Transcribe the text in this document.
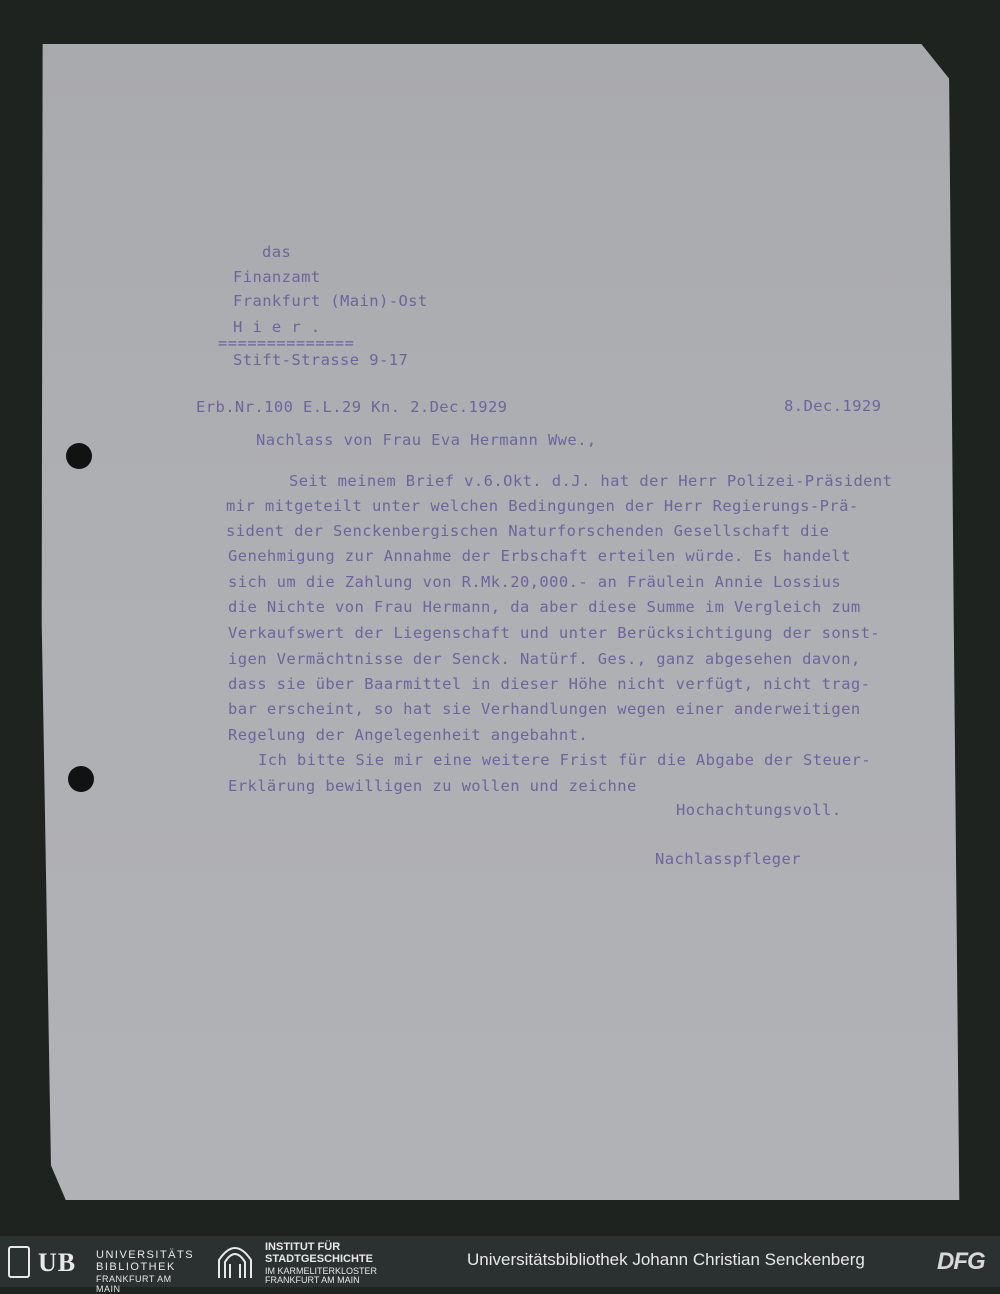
das
Finanzamt
Frankfurt (Main)-Ost
H i e r .
==============
Stift-Strasse 9-17
Erb.Nr.100 E.L.29 Kn. 2.Dec.1929	8.Dec.1929
Nachlass von Frau Eva Hermann Wwe.,
Seit meinem Brief v.6.Okt. d.J. hat der Herr Polizei-Präsident
mir mitgeteilt unter welchen Bedingungen der Herr Regierungs-Prä-
sident der Senckenbergischen Naturforschenden Gesellschaft die
Genehmigung zur Annahme der Erbschaft erteilen würde. Es handelt
sich um die Zahlung von R.Mk.20,000.- an Fräulein Annie Lossius
die Nichte von Frau Hermann, da aber diese Summe im Vergleich zum
Verkaufswert der Liegenschaft und unter Berücksichtigung der sonst-
igen Vermächtnisse der Senck. Natürf. Ges., ganz abgesehen davon,
dass sie über Baarmittel in dieser Höhe nicht verfügt, nicht trag-
bar erscheint, so hat sie Verhandlungen wegen einer anderweitigen
Regelung der Angelegenheit angebahnt.
Ich bitte Sie mir eine weitere Frist für die Abgabe der Steuer-
Erklärung bewilligen zu wollen und zeichne
Hochachtungsvoll.
Nachlasspfleger
UB UNIVERSITÄTS
BIBLIOTHEK
FRANKFURT AM MAIN
INSTITUT FÜR
STADTGESCHICHTE
IM KARMELITERKLOSTER
FRANKFURT AM MAIN
Universitätsbibliothek Johann Christian Senckenberg	DFG
